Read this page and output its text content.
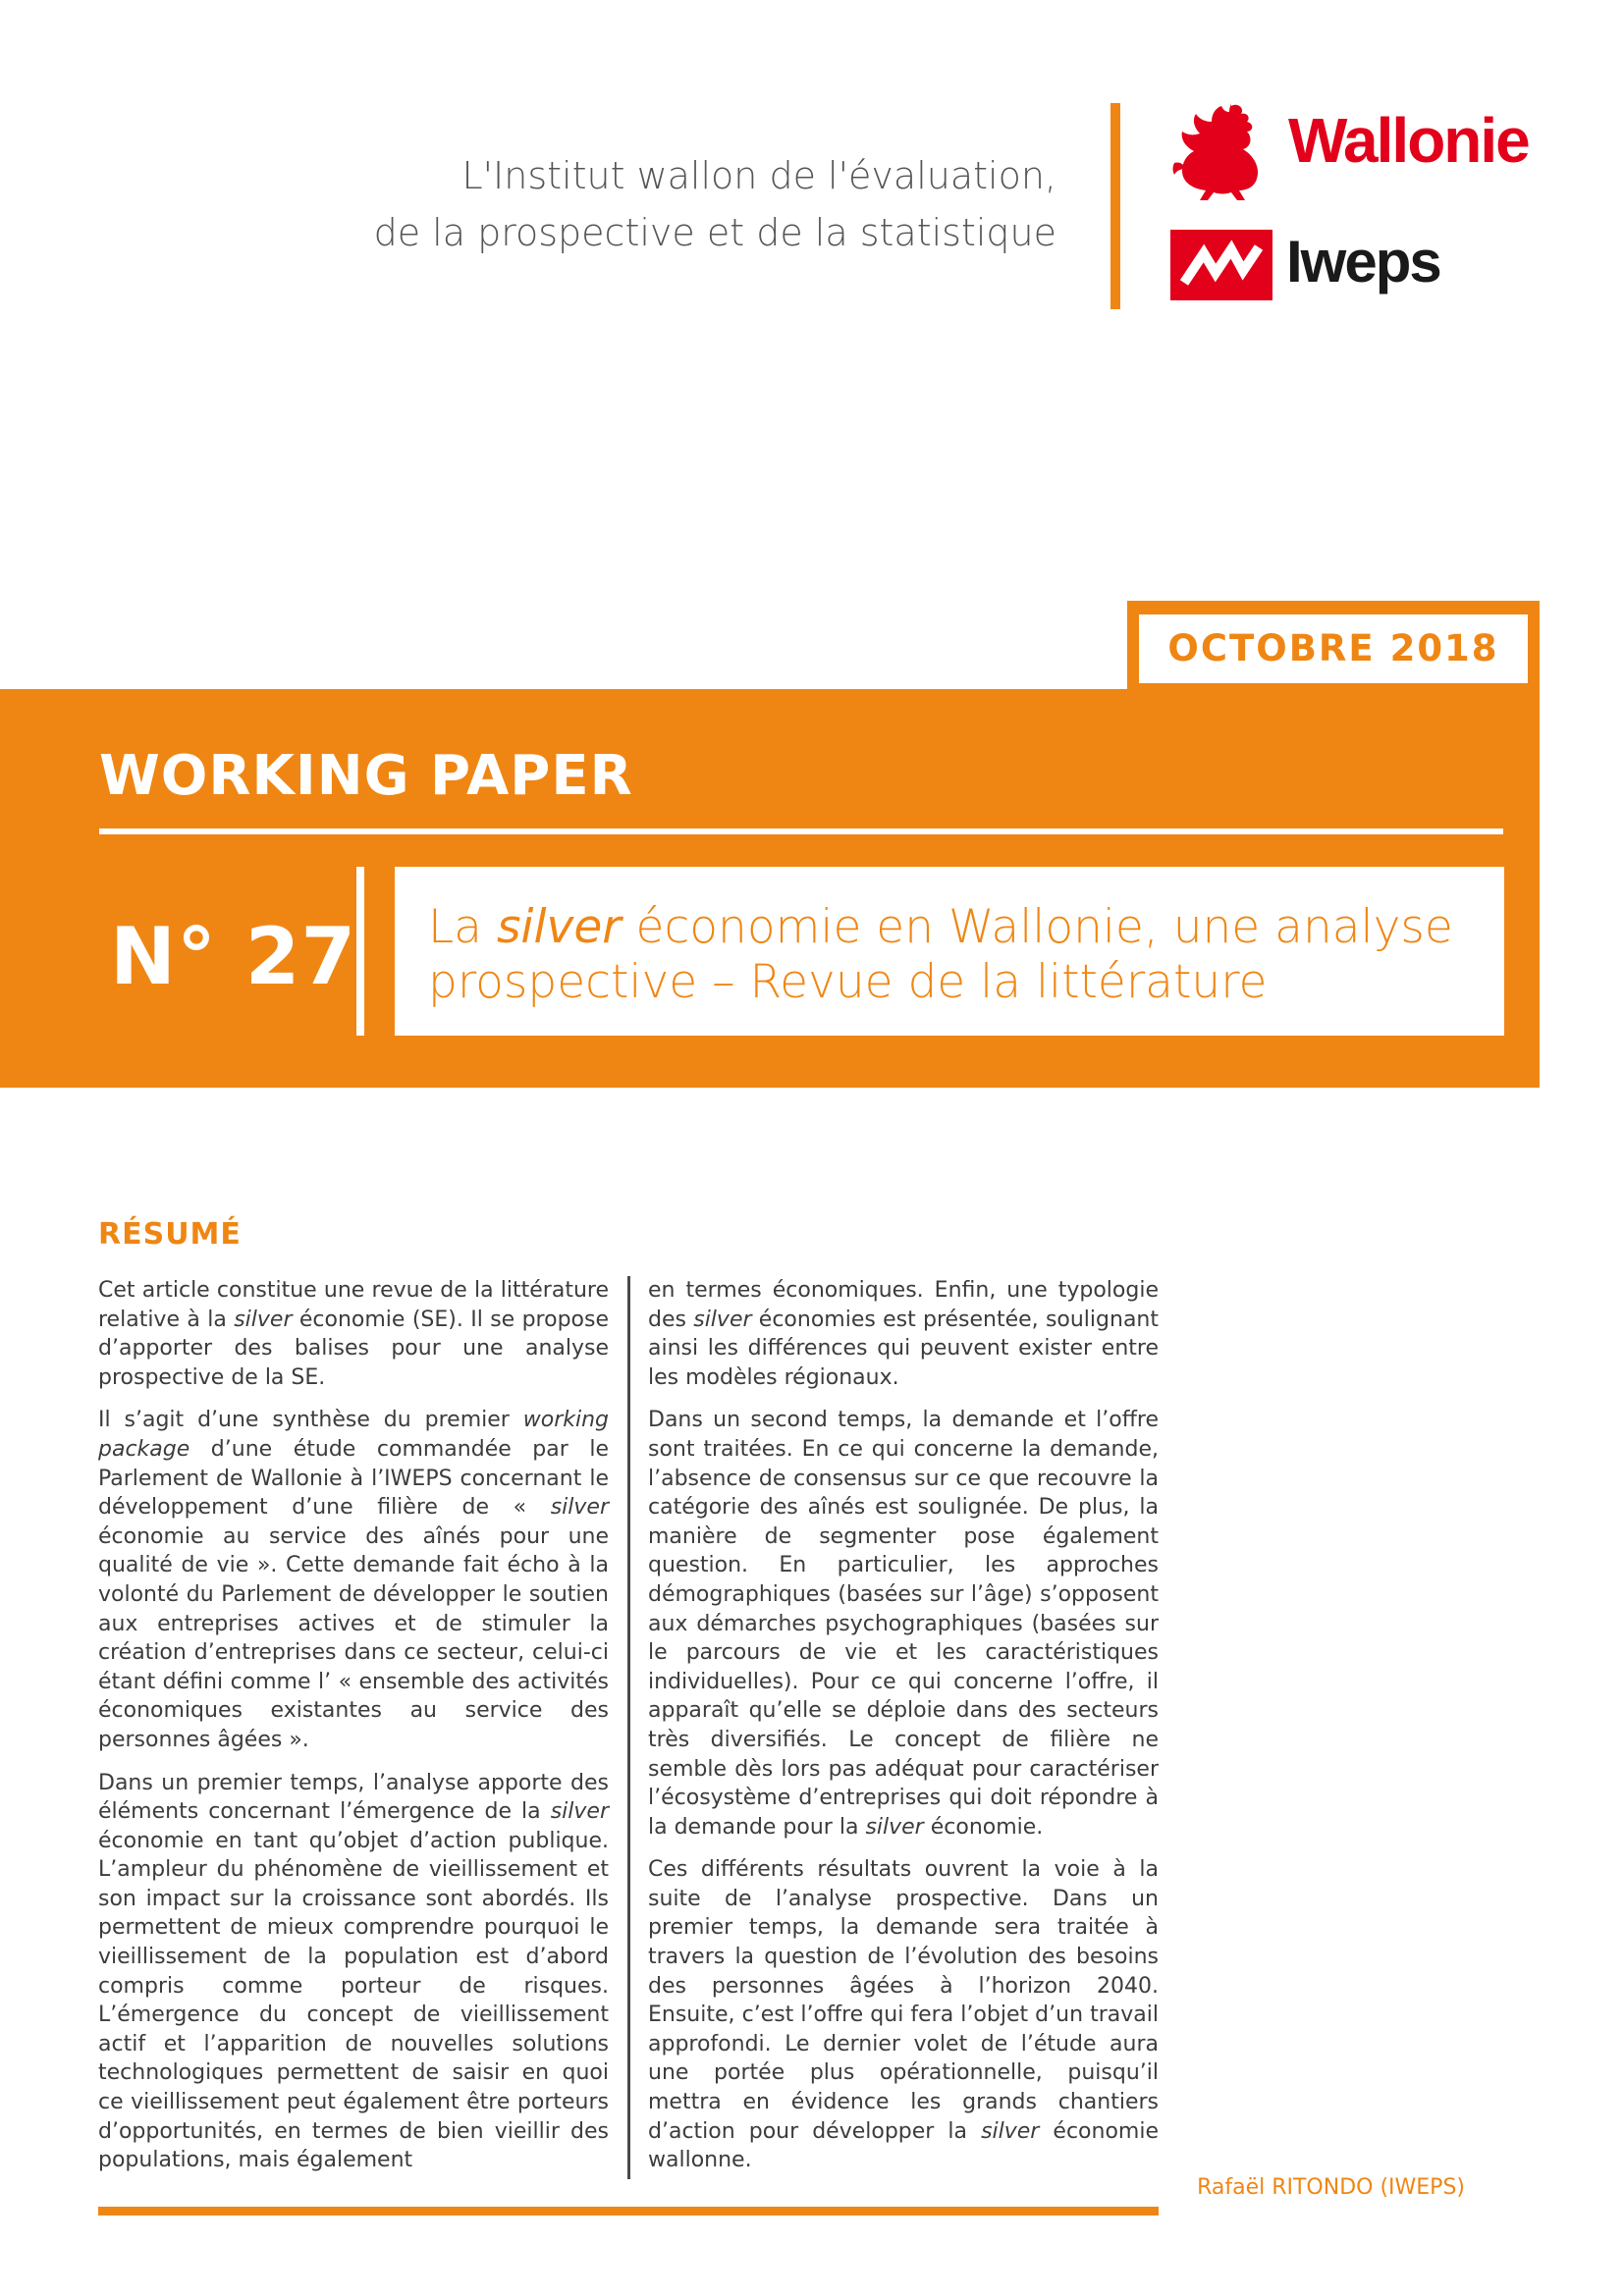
L'Institut wallon de l'évaluation,
de la prospective et de la statistique
Wallonie
Iweps
OCTOBRE 2018
WORKING PAPER
N° 27 La silver économie en Wallonie, une analyse prospective – Revue de la littérature
RÉSUMÉ

Cet article constitue une revue de la littérature relative à la silver économie (SE). Il se propose d’apporter des balises pour une analyse prospective de la SE.

Il s’agit d’une synthèse du premier working package d’une étude commandée par le Parlement de Wallonie à l’IWEPS concernant le développement d’une filière de « silver économie au service des aînés pour une qualité de vie ». Cette demande fait écho à la volonté du Parlement de développer le soutien aux entreprises actives et de stimuler la création d’entreprises dans ce secteur, celui-ci étant défini comme l’ « ensemble des activités économiques existantes au service des personnes âgées ».

Dans un premier temps, l’analyse apporte des éléments concernant l’émergence de la silver économie en tant qu’objet d’action publique. L’ampleur du phénomène de vieillissement et son impact sur la croissance sont abordés. Ils permettent de mieux comprendre pourquoi le vieillissement de la population est d’abord compris comme porteur de risques. L’émergence du concept de vieillissement actif et l’apparition de nouvelles solutions technologiques permettent de saisir en quoi ce vieillissement peut également être porteurs d’opportunités, en termes de bien vieillir des populations, mais également

en termes économiques. Enfin, une typologie des silver économies est présentée, soulignant ainsi les différences qui peuvent exister entre les modèles régionaux.

Dans un second temps, la demande et l’offre sont traitées. En ce qui concerne la demande, l’absence de consensus sur ce que recouvre la catégorie des aînés est soulignée. De plus, la manière de segmenter pose également question. En particulier, les approches démographiques (basées sur l’âge) s’opposent aux démarches psychographiques (basées sur le parcours de vie et les caractéristiques individuelles). Pour ce qui concerne l’offre, il apparaît qu’elle se déploie dans des secteurs très diversifiés. Le concept de filière ne semble dès lors pas adéquat pour caractériser l’écosystème d’entreprises qui doit répondre à la demande pour la silver économie.

Ces différents résultats ouvrent la voie à la suite de l’analyse prospective. Dans un premier temps, la demande sera traitée à travers la question de l’évolution des besoins des personnes âgées à l’horizon 2040. Ensuite, c’est l’offre qui fera l’objet d’un travail approfondi. Le dernier volet de l’étude aura une portée plus opérationnelle, puisqu’il mettra en évidence les grands chantiers d’action pour développer la silver économie wallonne.

Rafaël RITONDO (IWEPS)
